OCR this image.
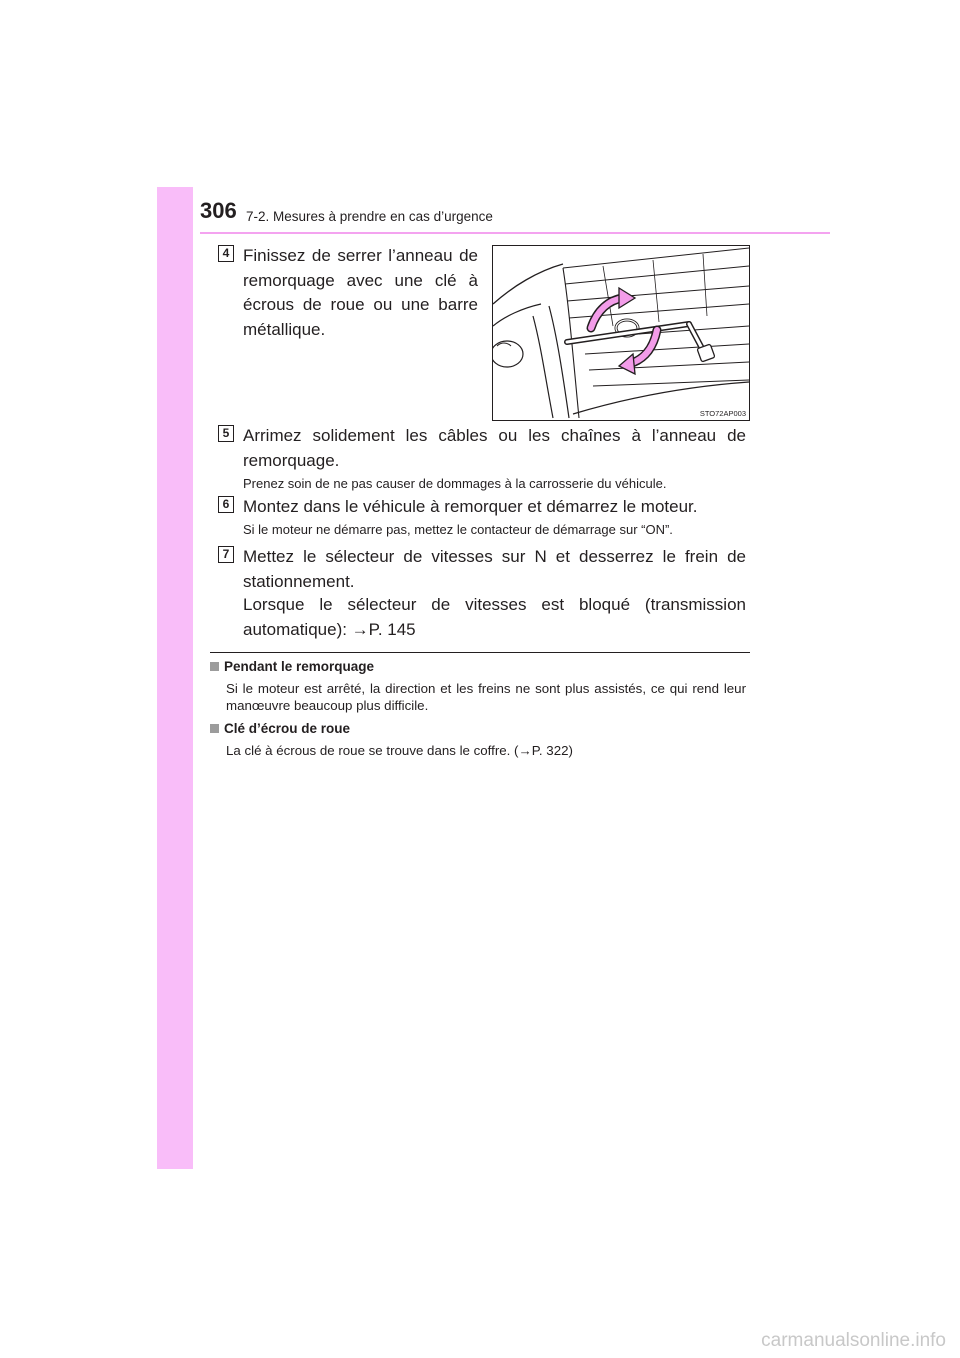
306 7-2. Mesures à prendre en cas d’urgence
4 Finissez de serrer l’anneau de remorquage avec une clé à écrous de roue ou une barre métallique.
STO72AP003
5 Arrimez solidement les câbles ou les chaînes à l’anneau de remorquage.
Prenez soin de ne pas causer de dommages à la carrosserie du véhicule.
6 Montez dans le véhicule à remorquer et démarrez le moteur.
Si le moteur ne démarre pas, mettez le contacteur de démarrage sur “ON”.
7 Mettez le sélecteur de vitesses sur N et desserrez le frein de stationnement.
Lorsque le sélecteur de vitesses est bloqué (transmission automatique): →P. 145
Pendant le remorquage
Si le moteur est arrêté, la direction et les freins ne sont plus assistés, ce qui rend leur manœuvre beaucoup plus difficile.
Clé d’écrou de roue
La clé à écrous de roue se trouve dans le coffre. (→P. 322)
carmanualsonline.info
